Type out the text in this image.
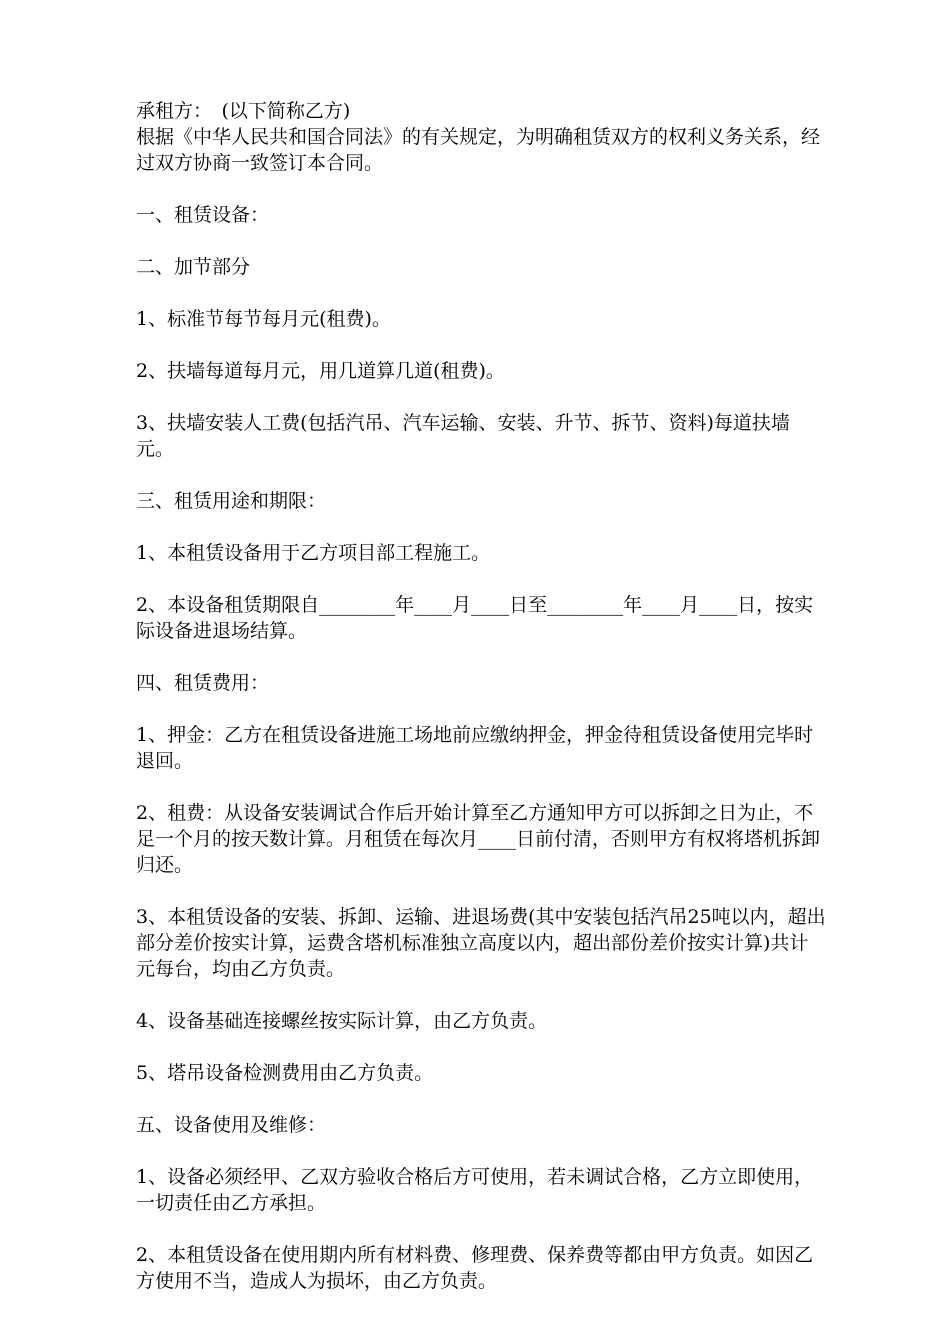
承租方：　(以下简称乙方)

根据《中华人民共和国合同法》的有关规定，为明确租赁双方的权利义务关系，经过双方协商一致签订本合同。

一、租赁设备：

二、加节部分

1、标准节每节每月元(租费)。

2、扶墙每道每月元，用几道算几道(租费)。

3、扶墙安装人工费(包括汽吊、汽车运输、安装、升节、拆节、资料)每道扶墙 元。

三、租赁用途和期限：

1、本租赁设备用于乙方项目部工程施工。

2、本设备租赁期限自________年____月____日至________年____月____日，按实际设备进退场结算。

四、租赁费用：

1、押金：乙方在租赁设备进施工场地前应缴纳押金，押金待租赁设备使用完毕时退回。

2、租费：从设备安装调试合作后开始计算至乙方通知甲方可以拆卸之日为止，不足一个月的按天数计算。月租赁在每次月____日前付清，否则甲方有权将塔机拆卸归还。

3、本租赁设备的安装、拆卸、运输、进退场费(其中安装包括汽吊25吨以内，超出部分差价按实计算，运费含塔机标准独立高度以内，超出部份差价按实计算)共计 元每台，均由乙方负责。

4、设备基础连接螺丝按实际计算，由乙方负责。

5、塔吊设备检测费用由乙方负责。

五、设备使用及维修：

1、设备必须经甲、乙双方验收合格后方可使用，若未调试合格，乙方立即使用，一切责任由乙方承担。

2、本租赁设备在使用期内所有材料费、修理费、保养费等都由甲方负责。如因乙方使用不当，造成人为损坏，由乙方负责。
